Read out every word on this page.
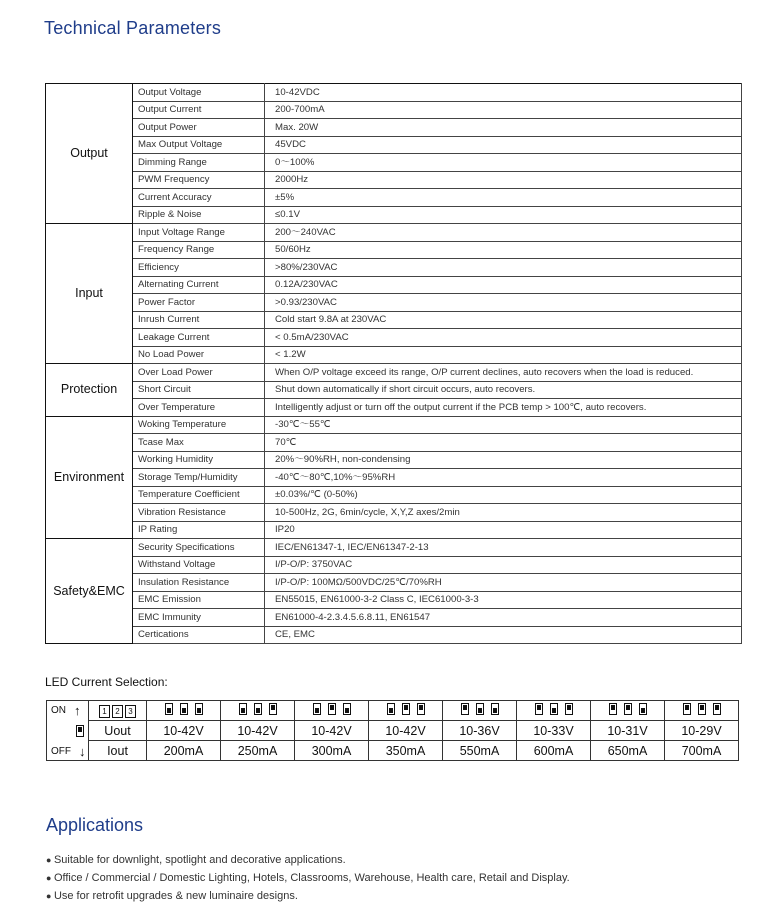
Technical Parameters
Output	Output Voltage	10-42VDC
	Output Current	200-700mA
	Output Power	Max. 20W
	Max Output Voltage	45VDC
	Dimming Range	0～100%
	PWM Frequency	2000Hz
	Current Accuracy	±5%
	Ripple & Noise	≤0.1V
Input	Input Voltage Range	200～240VAC
	Frequency Range	50/60Hz
	Efficiency	>80%/230VAC
	Alternating Current	0.12A/230VAC
	Power Factor	>0.93/230VAC
	Inrush Current	Cold start 9.8A at 230VAC
	Leakage Current	< 0.5mA/230VAC
	No Load Power	< 1.2W
Protection	Over Load Power	When O/P voltage exceed its range, O/P current declines, auto recovers when the load is reduced.
	Short Circuit	Shut down automatically if short circuit occurs, auto recovers.
	Over Temperature	Intelligently adjust or turn off the output current if the PCB temp > 100℃, auto recovers.
Environment	Woking Temperature	-30℃～55℃
	Tcase Max	70℃
	Working Humidity	20%～90%RH, non-condensing
	Storage Temp/Humidity	-40℃～80℃,10%～95%RH
	Temperature Coefficient	±0.03%/℃ (0-50%)
	Vibration Resistance	10-500Hz, 2G, 6min/cycle, X,Y,Z axes/2min
	IP Rating	IP20
Safety&EMC	Security Specifications	IEC/EN61347-1, IEC/EN61347-2-13
	Withstand Voltage	I/P-O/P: 3750VAC
	Insulation Resistance	I/P-O/P: 100MΩ/500VDC/25℃/70%RH
	EMC Emission	EN55015, EN61000-3-2 Class C, IEC61000-3-3
	EMC Immunity	EN61000-4-2.3.4.5.6.8.11, EN61547
	Certications	CE, EMC
LED Current Selection:
ON ↑
OFF ↓	1 2 3	

	Uout	10-42V	10-42V	10-42V	10-42V	10-36V	10-33V	10-31V	10-29V
	Iout	200mA	250mA	300mA	350mA	550mA	600mA	650mA	700mA
Applications
● Suitable for downlight, spotlight and decorative applications.
● Office / Commercial / Domestic Lighting, Hotels, Classrooms, Warehouse, Health care, Retail and Display.
● Use for retrofit upgrades & new luminaire designs.
